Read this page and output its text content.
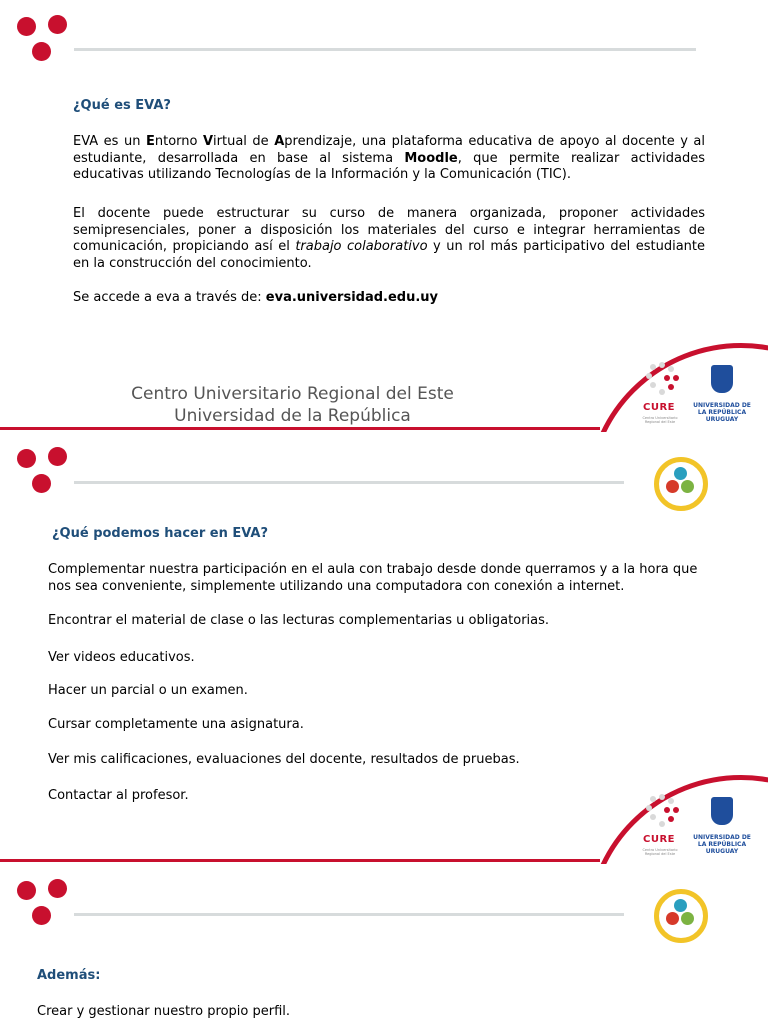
¿Qué es EVA?

EVA es un Entorno Virtual de Aprendizaje, una plataforma educativa de apoyo al docente y al estudiante, desarrollada en base al sistema Moodle, que permite realizar actividades educativas utilizando Tecnologías de la Información y la Comunicación (TIC).

El docente puede estructurar su curso de manera organizada, proponer actividades semipresenciales, poner a disposición los materiales del curso e integrar herramientas de comunicación, propiciando así el trabajo colaborativo y un rol más participativo del estudiante en la construcción del conocimiento.

Se accede a eva a través de: eva.universidad.edu.uy

Centro Universitario Regional del Este
Universidad de la República	CURE
Centro Universitario Regional del Este
UNIVERSIDAD DE LA REPÚBLICA URUGUAY
¿Qué podemos hacer en EVA?

Complementar nuestra participación en el aula con trabajo desde donde querramos y a la hora que nos sea conveniente, simplemente utilizando una computadora con conexión a internet.

Encontrar el material de clase o las lecturas complementarias u obligatorias.

Ver videos educativos.

Hacer un parcial o un examen.

Cursar completamente una asignatura.

Ver mis calificaciones, evaluaciones del docente, resultados de pruebas.

Contactar al profesor.

CURE
Centro Universitario Regional del Este
UNIVERSIDAD DE LA REPÚBLICA URUGUAY
Además:

Crear y gestionar nuestro propio perfil.
